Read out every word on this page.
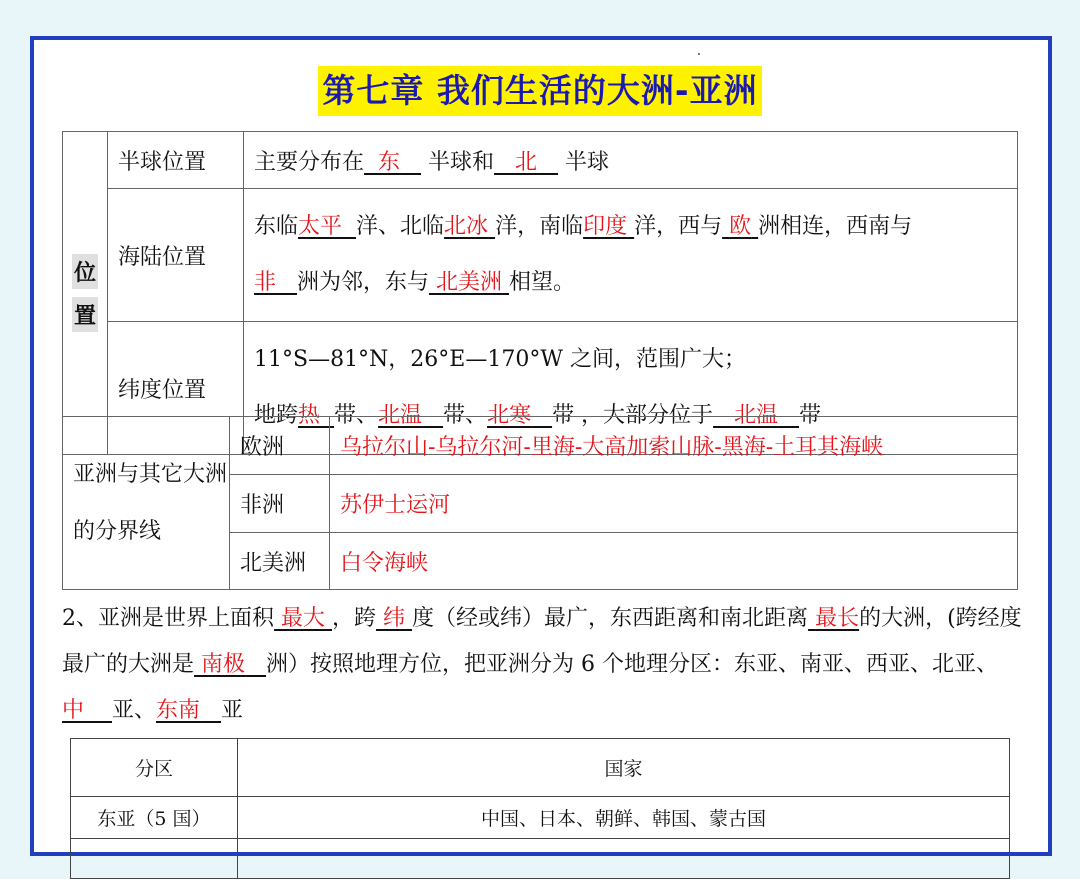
第七章 我们生活的大洲-亚洲
位
置	半球位置	主要分布在 东 半球和 北 半球
	海陆位置	东临太平 洋、北临北冰 洋，南临印度 洋，西与 欧 洲相连，西南与
非 洲为邻，东与 北美洲 相望。
	纬度位置	11°S—81°N，26°E—170°W 之间，范围广大；
地跨热 带、北温 带、北寒 带 ，大部分位于 北温 带
亚洲与其它大洲的分界线	欧洲	乌拉尔山-乌拉尔河-里海-大高加索山脉-黑海-土耳其海峡
	非洲	苏伊士运河
	北美洲	白令海峡
2、亚洲是世界上面积 最大 ，跨 纬 度（经或纬）最广，东西距离和南北距离 最长的大洲，(跨经度最广的大洲是 南极 洲）按照地理方位，把亚洲分为 6 个地理分区：东亚、南亚、西亚、北亚、中 亚、东南 亚
分区	国家
东亚（5 国）	中国、日本、朝鲜、韩国、蒙古国
